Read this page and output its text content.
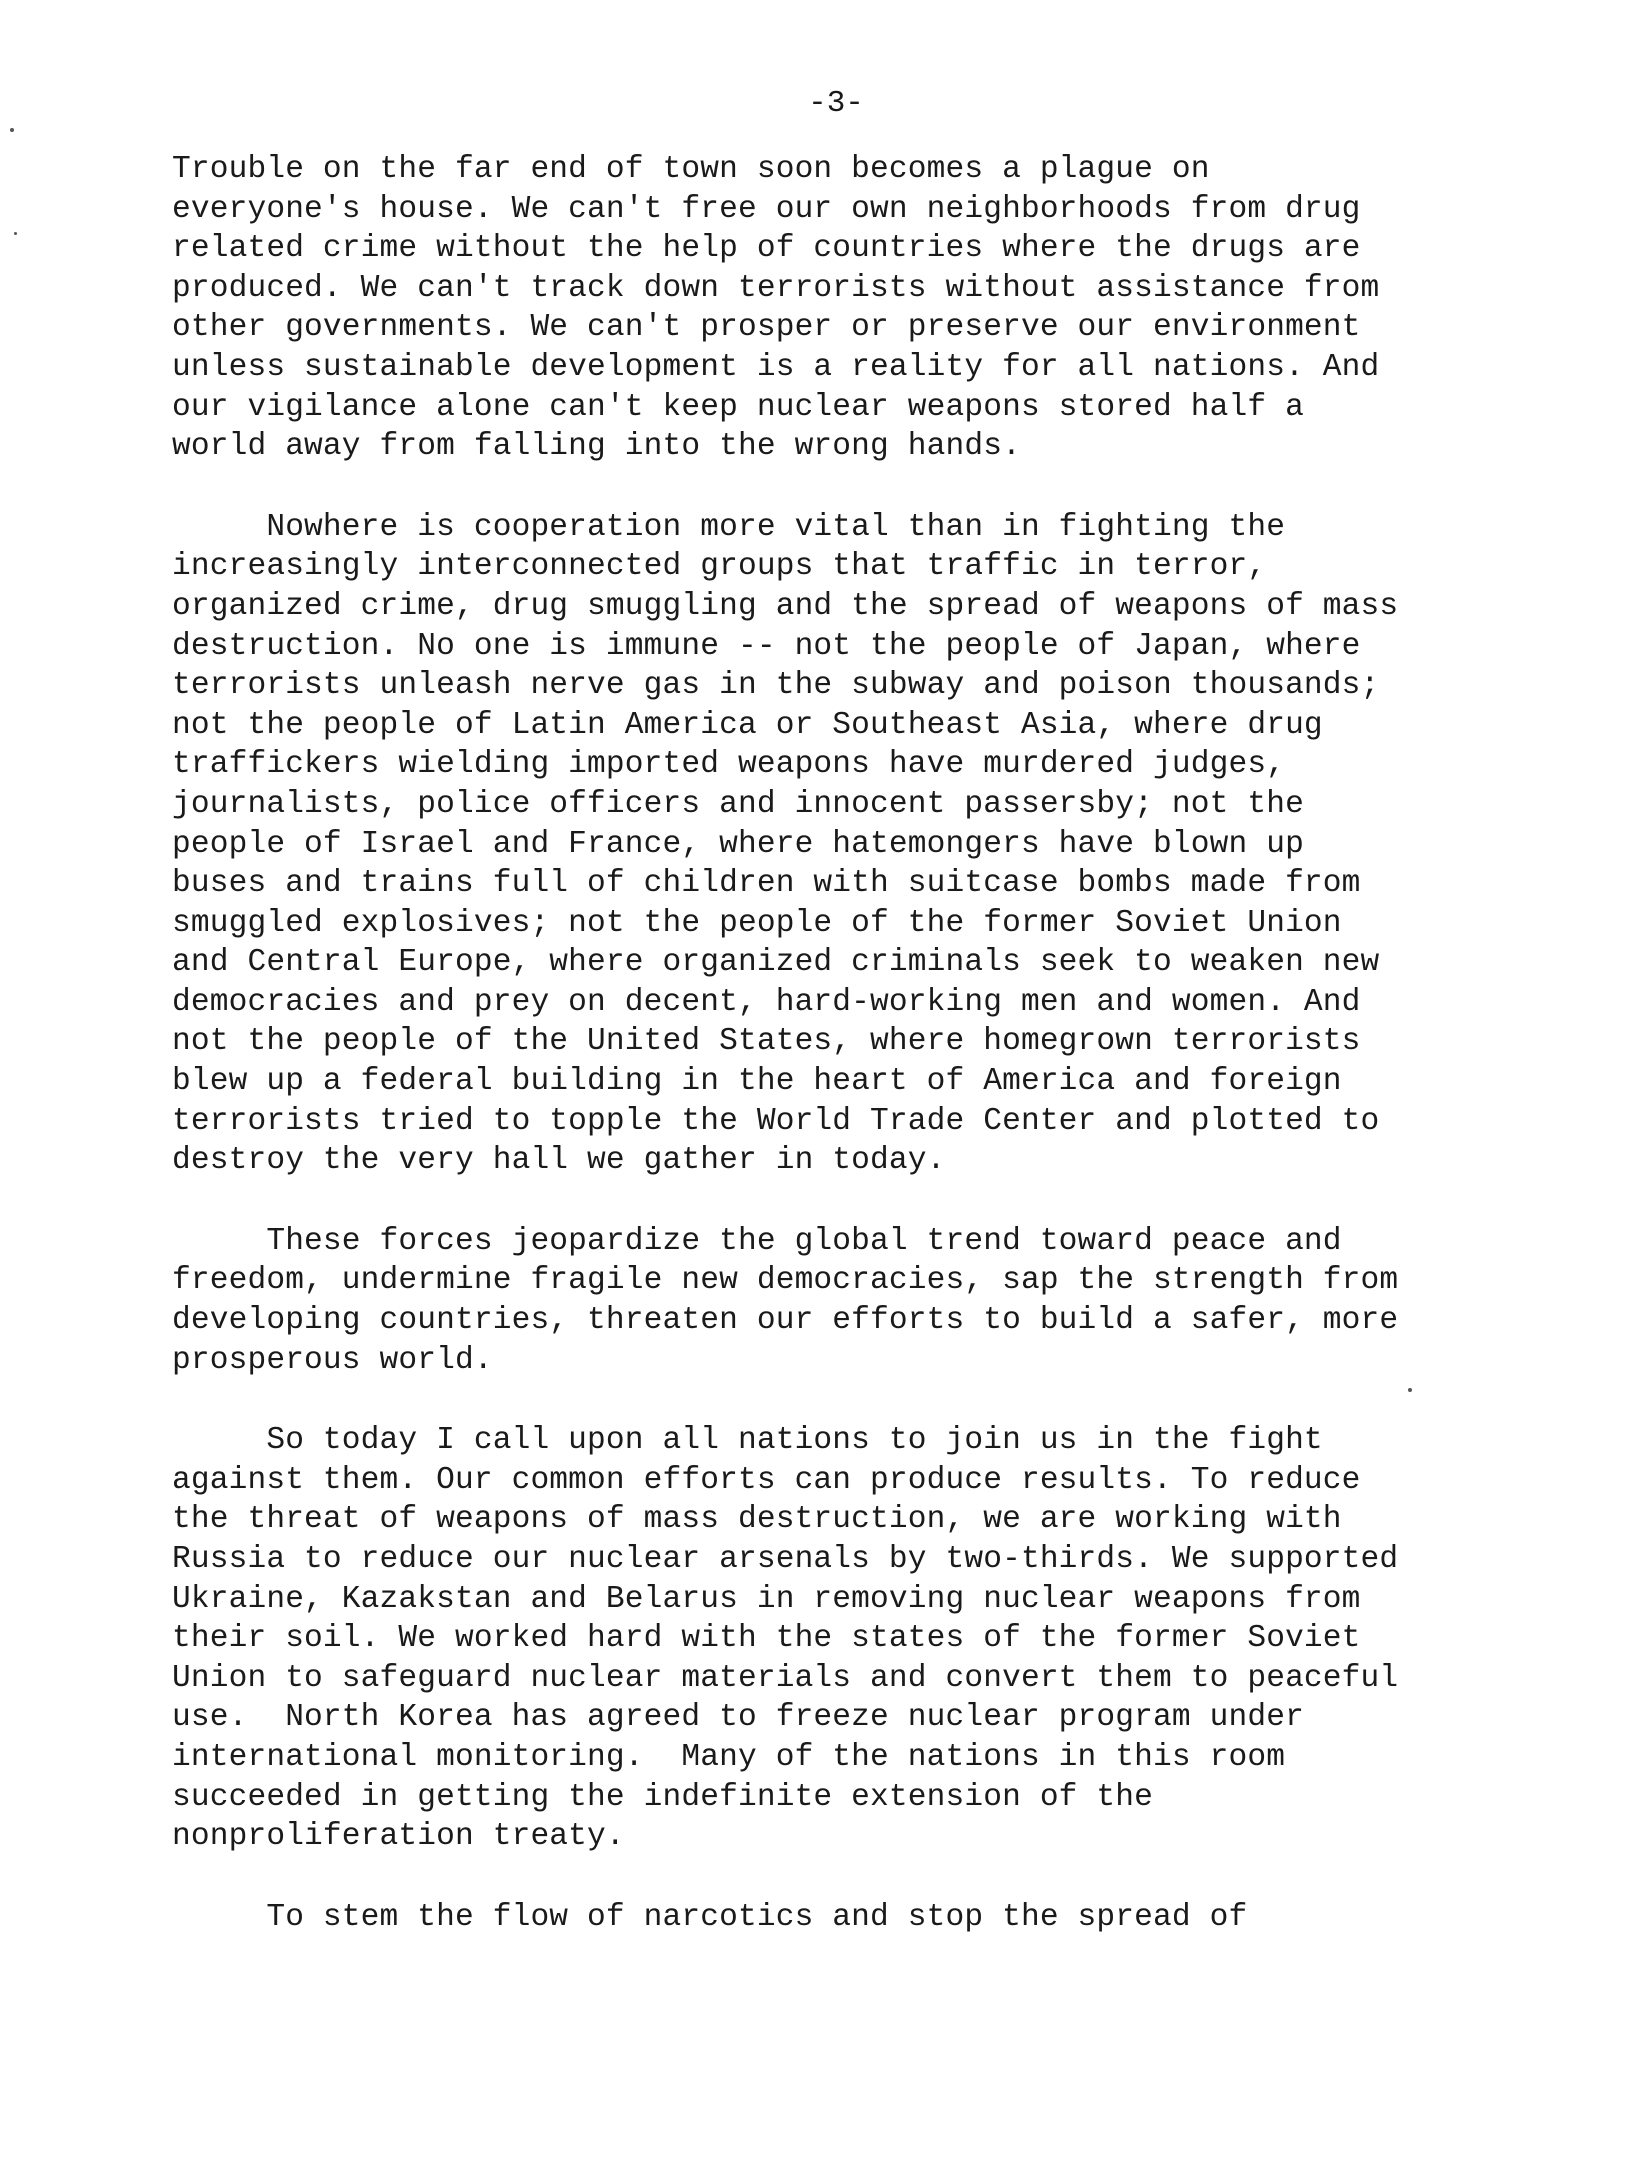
-3-
Trouble on the far end of town soon becomes a plague on
everyone's house. We can't free our own neighborhoods from drug
related crime without the help of countries where the drugs are
produced. We can't track down terrorists without assistance from
other governments. We can't prosper or preserve our environment
unless sustainable development is a reality for all nations. And
our vigilance alone can't keep nuclear weapons stored half a
world away from falling into the wrong hands.
Nowhere is cooperation more vital than in fighting the
increasingly interconnected groups that traffic in terror,
organized crime, drug smuggling and the spread of weapons of mass
destruction. No one is immune -- not the people of Japan, where
terrorists unleash nerve gas in the subway and poison thousands;
not the people of Latin America or Southeast Asia, where drug
traffickers wielding imported weapons have murdered judges,
journalists, police officers and innocent passersby; not the
people of Israel and France, where hatemongers have blown up
buses and trains full of children with suitcase bombs made from
smuggled explosives; not the people of the former Soviet Union
and Central Europe, where organized criminals seek to weaken new
democracies and prey on decent, hard-working men and women. And
not the people of the United States, where homegrown terrorists
blew up a federal building in the heart of America and foreign
terrorists tried to topple the World Trade Center and plotted to
destroy the very hall we gather in today.
These forces jeopardize the global trend toward peace and
freedom, undermine fragile new democracies, sap the strength from
developing countries, threaten our efforts to build a safer, more
prosperous world.
So today I call upon all nations to join us in the fight
against them. Our common efforts can produce results. To reduce
the threat of weapons of mass destruction, we are working with
Russia to reduce our nuclear arsenals by two-thirds. We supported
Ukraine, Kazakstan and Belarus in removing nuclear weapons from
their soil. We worked hard with the states of the former Soviet
Union to safeguard nuclear materials and convert them to peaceful
use.  North Korea has agreed to freeze nuclear program under
international monitoring.  Many of the nations in this room
succeeded in getting the indefinite extension of the
nonproliferation treaty.
To stem the flow of narcotics and stop the spread of
